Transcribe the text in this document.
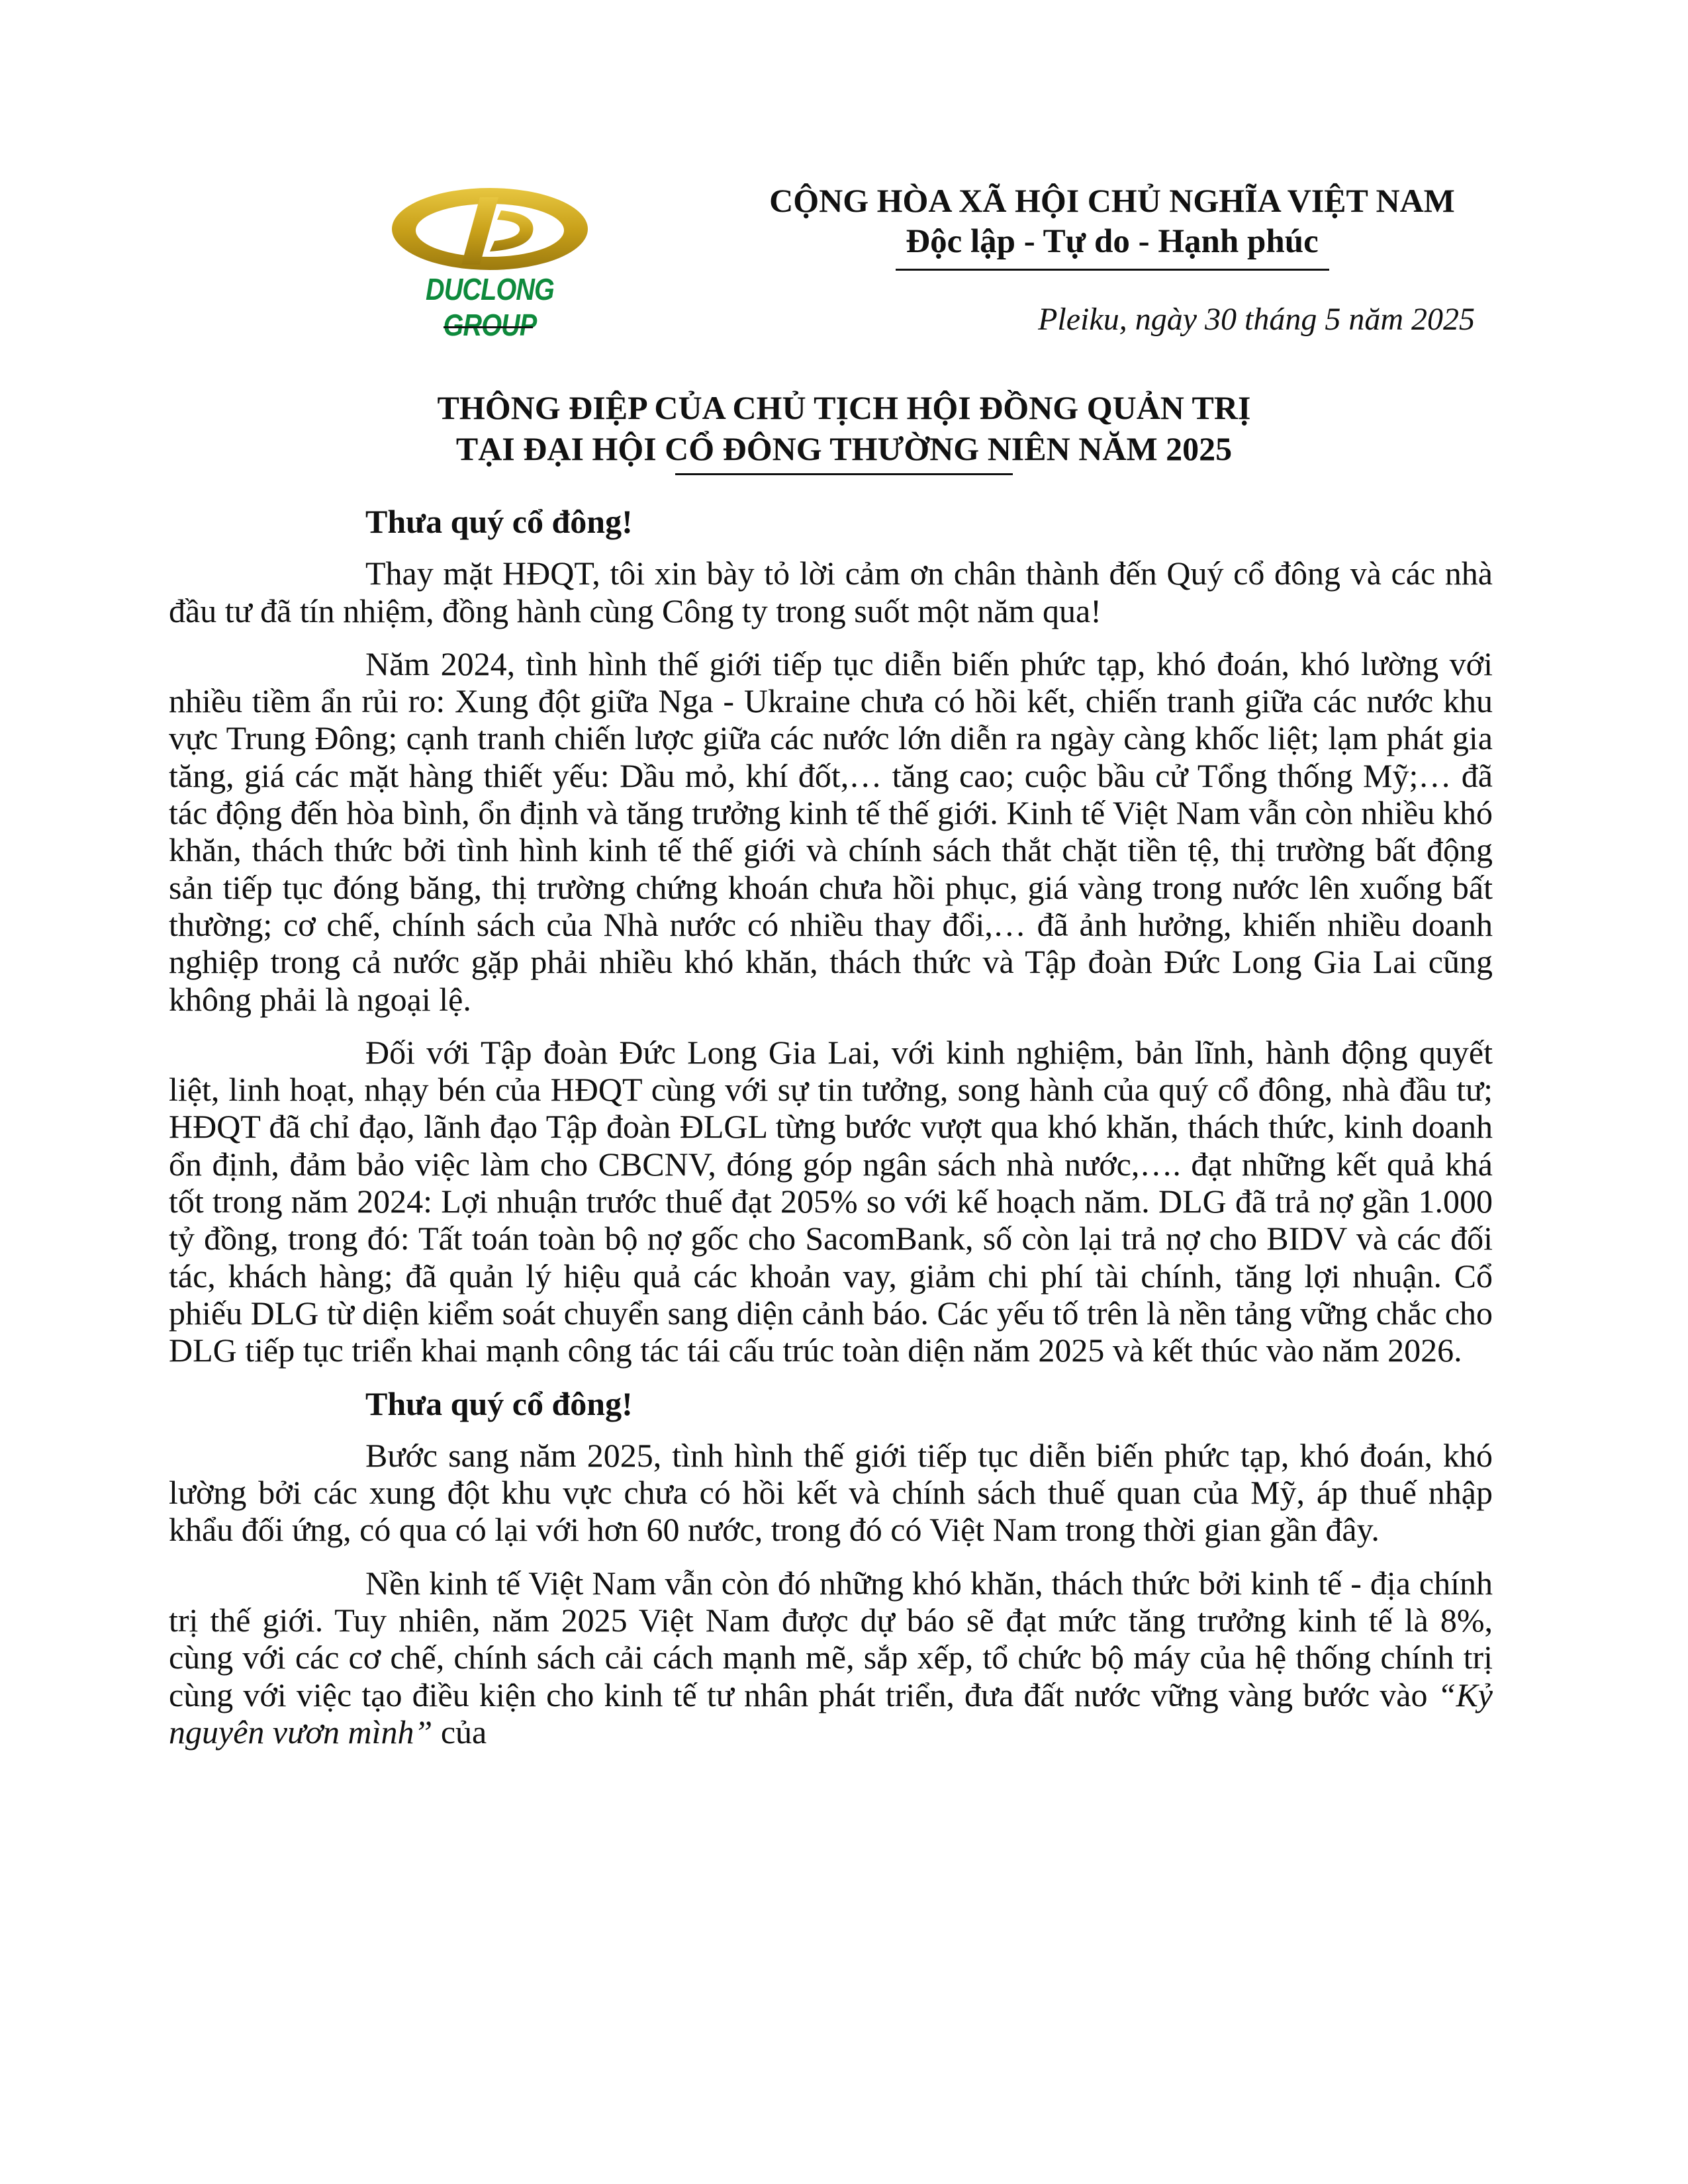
DUCLONG GROUP
CỘNG HÒA XÃ HỘI CHỦ NGHĨA VIỆT NAM
Độc lập - Tự do - Hạnh phúc
Pleiku, ngày 30 tháng 5 năm 2025
THÔNG ĐIỆP CỦA CHỦ TỊCH HỘI ĐỒNG QUẢN TRỊ
TẠI ĐẠI HỘI CỔ ĐÔNG THƯỜNG NIÊN NĂM 2025

Thưa quý cổ đông!

Thay mặt HĐQT, tôi xin bày tỏ lời cảm ơn chân thành đến Quý cổ đông và các nhà đầu tư đã tín nhiệm, đồng hành cùng Công ty trong suốt một năm qua!

Năm 2024, tình hình thế giới tiếp tục diễn biến phức tạp, khó đoán, khó lường với nhiều tiềm ẩn rủi ro: Xung đột giữa Nga - Ukraine chưa có hồi kết, chiến tranh giữa các nước khu vực Trung Đông; cạnh tranh chiến lược giữa các nước lớn diễn ra ngày càng khốc liệt; lạm phát gia tăng, giá các mặt hàng thiết yếu: Dầu mỏ, khí đốt,… tăng cao; cuộc bầu cử Tổng thống Mỹ;… đã tác động đến hòa bình, ổn định và tăng trưởng kinh tế thế giới. Kinh tế Việt Nam vẫn còn nhiều khó khăn, thách thức bởi tình hình kinh tế thế giới và chính sách thắt chặt tiền tệ, thị trường bất động sản tiếp tục đóng băng, thị trường chứng khoán chưa hồi phục, giá vàng trong nước lên xuống bất thường; cơ chế, chính sách của Nhà nước có nhiều thay đổi,… đã ảnh hưởng, khiến nhiều doanh nghiệp trong cả nước gặp phải nhiều khó khăn, thách thức và Tập đoàn Đức Long Gia Lai cũng không phải là ngoại lệ.

Đối với Tập đoàn Đức Long Gia Lai, với kinh nghiệm, bản lĩnh, hành động quyết liệt, linh hoạt, nhạy bén của HĐQT cùng với sự tin tưởng, song hành của quý cổ đông, nhà đầu tư; HĐQT đã chỉ đạo, lãnh đạo Tập đoàn ĐLGL từng bước vượt qua khó khăn, thách thức, kinh doanh ổn định, đảm bảo việc làm cho CBCNV, đóng góp ngân sách nhà nước,…. đạt những kết quả khá tốt trong năm 2024: Lợi nhuận trước thuế đạt 205% so với kế hoạch năm. DLG đã trả nợ gần 1.000 tỷ đồng, trong đó: Tất toán toàn bộ nợ gốc cho SacomBank, số còn lại trả nợ cho BIDV và các đối tác, khách hàng; đã quản lý hiệu quả các khoản vay, giảm chi phí tài chính, tăng lợi nhuận. Cổ phiếu DLG từ diện kiểm soát chuyển sang diện cảnh báo. Các yếu tố trên là nền tảng vững chắc cho DLG tiếp tục triển khai mạnh công tác tái cấu trúc toàn diện năm 2025 và kết thúc vào năm 2026.

Thưa quý cổ đông!

Bước sang năm 2025, tình hình thế giới tiếp tục diễn biến phức tạp, khó đoán, khó lường bởi các xung đột khu vực chưa có hồi kết và chính sách thuế quan của Mỹ, áp thuế nhập khẩu đối ứng, có qua có lại với hơn 60 nước, trong đó có Việt Nam trong thời gian gần đây.

Nền kinh tế Việt Nam vẫn còn đó những khó khăn, thách thức bởi kinh tế - địa chính trị thế giới. Tuy nhiên, năm 2025 Việt Nam được dự báo sẽ đạt mức tăng trưởng kinh tế là 8%, cùng với các cơ chế, chính sách cải cách mạnh mẽ, sắp xếp, tổ chức bộ máy của hệ thống chính trị cùng với việc tạo điều kiện cho kinh tế tư nhân phát triển, đưa đất nước vững vàng bước vào “Kỷ nguyên vươn mình” của
